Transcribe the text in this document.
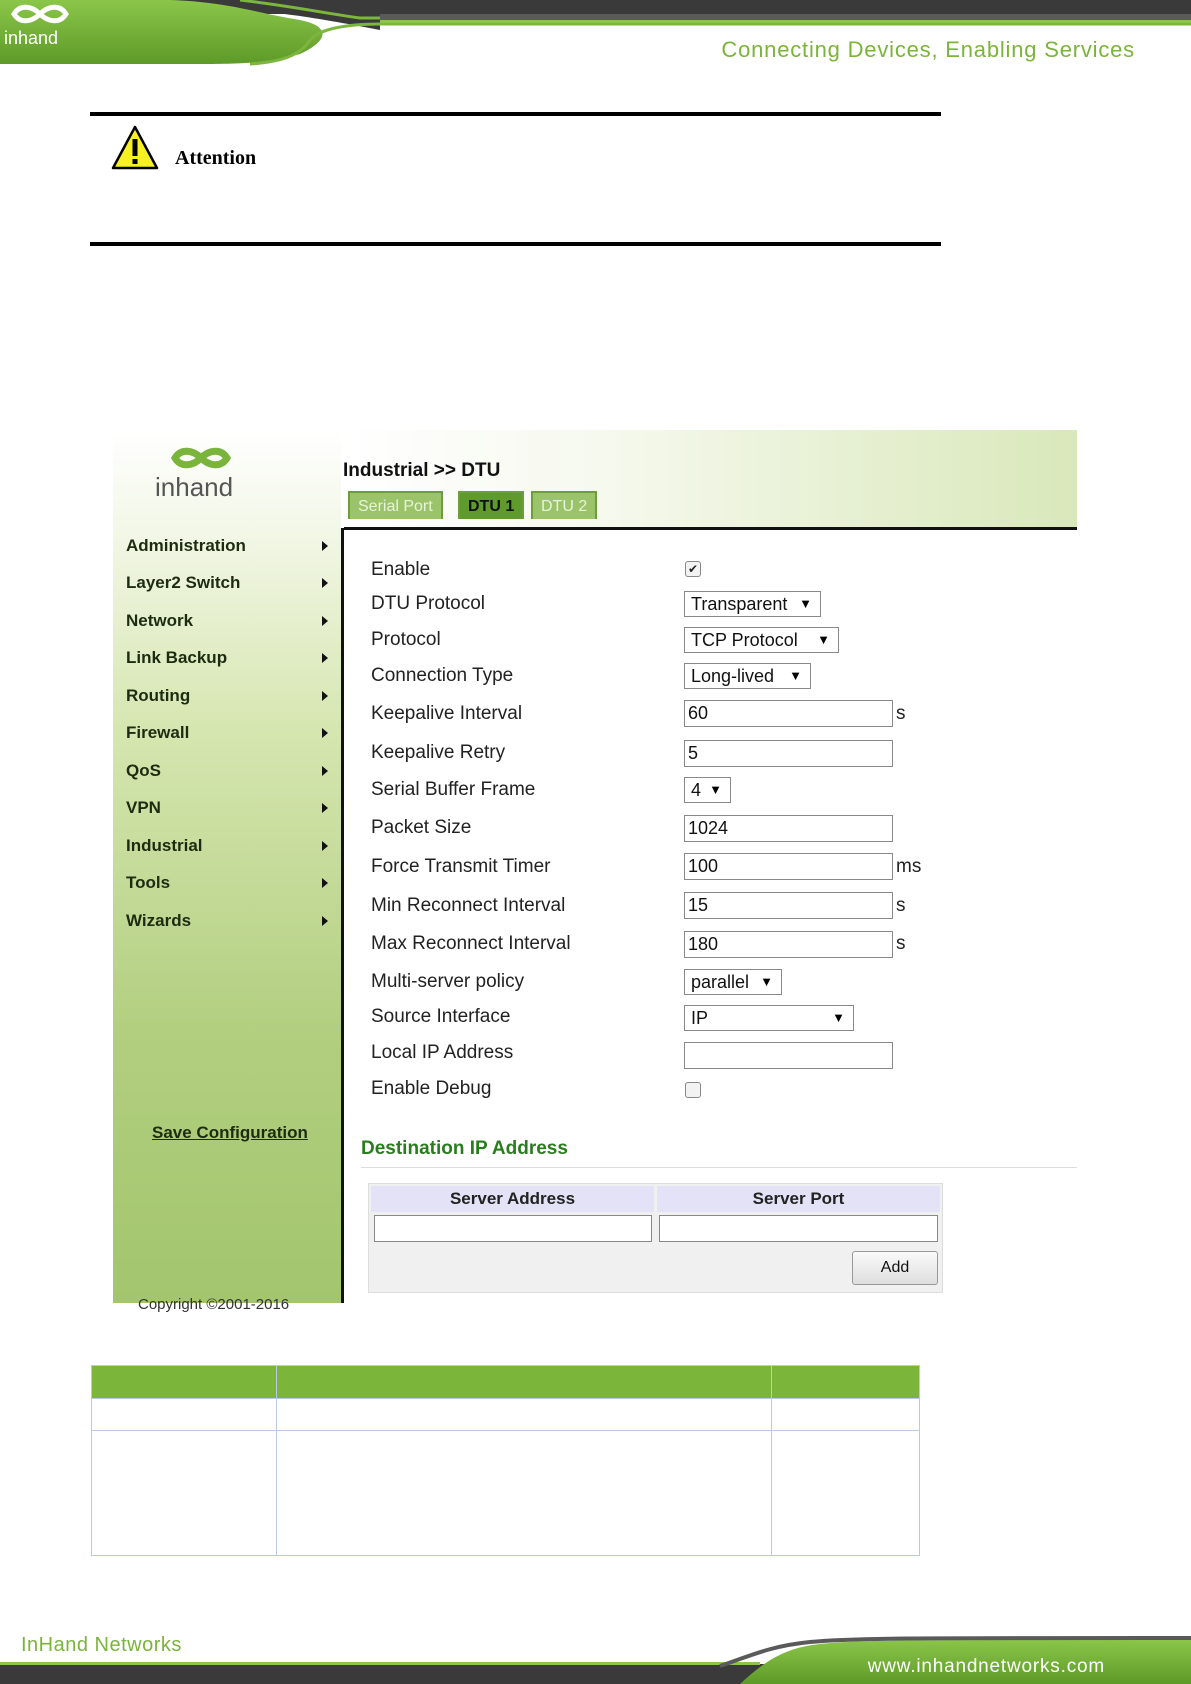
inhand	Connecting Devices, Enabling Services
Attention
inhand
Administration
Layer2 Switch
Network
Link Backup
Routing
Firewall
QoS
VPN
Industrial
Tools
Wizards
Save Configuration
Copyright ©2001-2016
Industrial >> DTU
Serial Port	DTU 1	DTU 2
Enable	✔
DTU Protocol	Transparent ▼
Protocol	TCP Protocol ▼
Connection Type	Long-lived ▼
Keepalive Interval	60	s
Keepalive Retry	5
Serial Buffer Frame	4 ▼
Packet Size	1024
Force Transmit Timer	100	ms
Min Reconnect Interval	15	s
Max Reconnect Interval	180	s
Multi-server policy	parallel ▼
Source Interface	IP	▼
Local IP Address
Enable Debug
Destination IP Address
Server Address	Server Port
Add

InHand Networks
www.inhandnetworks.com
